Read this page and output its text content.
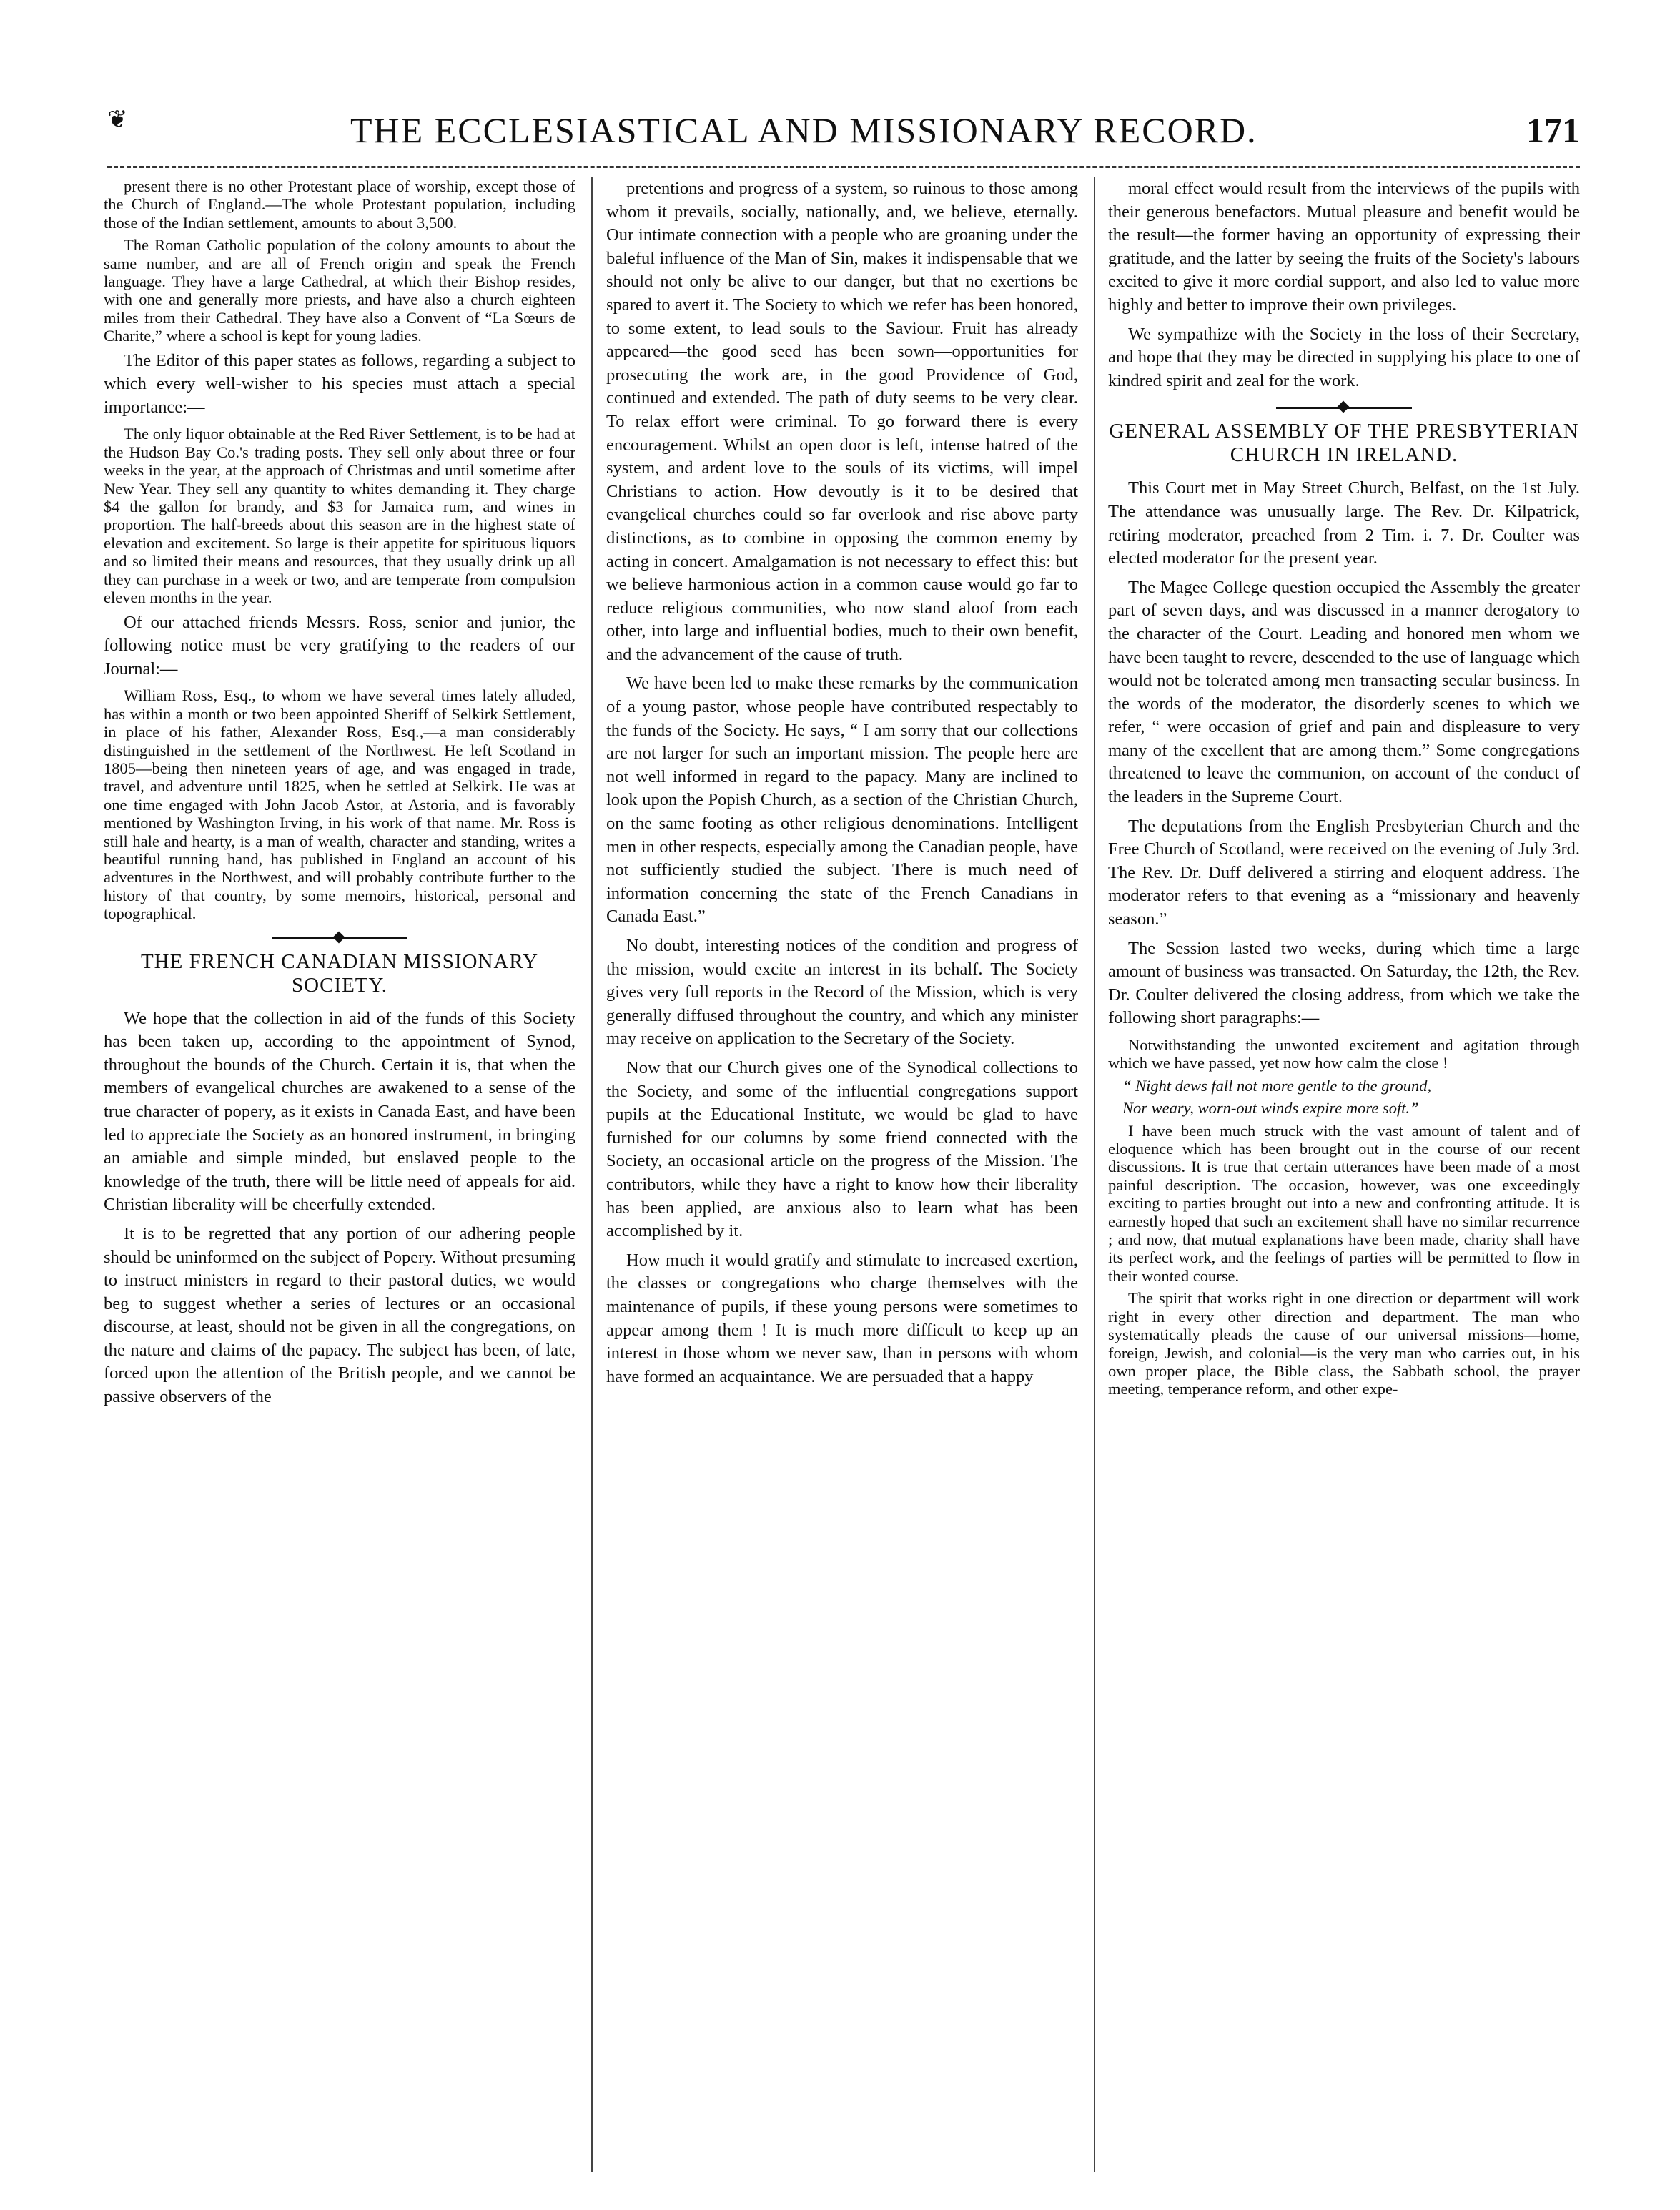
❦	THE ECCLESIASTICAL AND MISSIONARY RECORD.	171

present there is no other Protestant place of worship, except those of the Church of England.—The whole Protestant population, including those of the Indian settlement, amounts to about 3,500.

The Roman Catholic population of the colony amounts to about the same number, and are all of French origin and speak the French language. They have a large Cathedral, at which their Bishop resides, with one and generally more priests, and have also a church eighteen miles from their Cathedral. They have also a Convent of “La Sœurs de Charite,” where a school is kept for young ladies.

The Editor of this paper states as follows, regarding a subject to which every well-wisher to his species must attach a special importance:—

The only liquor obtainable at the Red River Settlement, is to be had at the Hudson Bay Co.'s trading posts. They sell only about three or four weeks in the year, at the approach of Christmas and until sometime after New Year. They sell any quantity to whites demanding it. They charge $4 the gallon for brandy, and $3 for Jamaica rum, and wines in proportion. The half-breeds about this season are in the highest state of elevation and excitement. So large is their appetite for spirituous liquors and so limited their means and resources, that they usually drink up all they can purchase in a week or two, and are temperate from compulsion eleven months in the year.

Of our attached friends Messrs. Ross, senior and junior, the following notice must be very gratifying to the readers of our Journal:—

William Ross, Esq., to whom we have several times lately alluded, has within a month or two been appointed Sheriff of Selkirk Settlement, in place of his father, Alexander Ross, Esq.,—a man considerably distinguished in the settlement of the Northwest. He left Scotland in 1805—being then nineteen years of age, and was engaged in trade, travel, and adventure until 1825, when he settled at Selkirk. He was at one time engaged with John Jacob Astor, at Astoria, and is favorably mentioned by Washington Irving, in his work of that name. Mr. Ross is still hale and hearty, is a man of wealth, character and standing, writes a beautiful running hand, has published in England an account of his adventures in the Northwest, and will probably contribute further to the history of that country, by some memoirs, historical, personal and topographical.

THE FRENCH CANADIAN MISSIONARY SOCIETY.

We hope that the collection in aid of the funds of this Society has been taken up, according to the appointment of Synod, throughout the bounds of the Church. Certain it is, that when the members of evangelical churches are awakened to a sense of the true character of popery, as it exists in Canada East, and have been led to appreciate the Society as an honored instrument, in bringing an amiable and simple minded, but enslaved people to the knowledge of the truth, there will be little need of appeals for aid. Christian liberality will be cheerfully extended.

It is to be regretted that any portion of our adhering people should be uninformed on the subject of Popery. Without presuming to instruct ministers in regard to their pastoral duties, we would beg to suggest whether a series of lectures or an occasional discourse, at least, should not be given in all the congregations, on the nature and claims of the papacy. The subject has been, of late, forced upon the attention of the British people, and we cannot be passive observers of the

pretentions and progress of a system, so ruinous to those among whom it prevails, socially, nationally, and, we believe, eternally. Our intimate connection with a people who are groaning under the baleful influence of the Man of Sin, makes it indispensable that we should not only be alive to our danger, but that no exertions be spared to avert it. The Society to which we refer has been honored, to some extent, to lead souls to the Saviour. Fruit has already appeared—the good seed has been sown—opportunities for prosecuting the work are, in the good Providence of God, continued and extended. The path of duty seems to be very clear. To relax effort were criminal. To go forward there is every encouragement. Whilst an open door is left, intense hatred of the system, and ardent love to the souls of its victims, will impel Christians to action. How devoutly is it to be desired that evangelical churches could so far overlook and rise above party distinctions, as to combine in opposing the common enemy by acting in concert. Amalgamation is not necessary to effect this: but we believe harmonious action in a common cause would go far to reduce religious communities, who now stand aloof from each other, into large and influential bodies, much to their own benefit, and the advancement of the cause of truth.

We have been led to make these remarks by the communication of a young pastor, whose people have contributed respectably to the funds of the Society. He says, “ I am sorry that our collections are not larger for such an important mission. The people here are not well informed in regard to the papacy. Many are inclined to look upon the Popish Church, as a section of the Christian Church, on the same footing as other religious denominations. Intelligent men in other respects, especially among the Canadian people, have not sufficiently studied the subject. There is much need of information concerning the state of the French Canadians in Canada East.”

No doubt, interesting notices of the condition and progress of the mission, would excite an interest in its behalf. The Society gives very full reports in the Record of the Mission, which is very generally diffused throughout the country, and which any minister may receive on application to the Secretary of the Society.

Now that our Church gives one of the Synodical collections to the Society, and some of the influential congregations support pupils at the Educational Institute, we would be glad to have furnished for our columns by some friend connected with the Society, an occasional article on the progress of the Mission. The contributors, while they have a right to know how their liberality has been applied, are anxious also to learn what has been accomplished by it.

How much it would gratify and stimulate to increased exertion, the classes or congregations who charge themselves with the maintenance of pupils, if these young persons were sometimes to appear among them ! It is much more difficult to keep up an interest in those whom we never saw, than in persons with whom have formed an acquaintance. We are persuaded that a happy

moral effect would result from the interviews of the pupils with their generous benefactors. Mutual pleasure and benefit would be the result—the former having an opportunity of expressing their gratitude, and the latter by seeing the fruits of the Society's labours excited to give it more cordial support, and also led to value more highly and better to improve their own privileges.

We sympathize with the Society in the loss of their Secretary, and hope that they may be directed in supplying his place to one of kindred spirit and zeal for the work.

GENERAL ASSEMBLY OF THE PRESBYTERIAN CHURCH IN IRELAND.

This Court met in May Street Church, Belfast, on the 1st July. The attendance was unusually large. The Rev. Dr. Kilpatrick, retiring moderator, preached from 2 Tim. i. 7. Dr. Coulter was elected moderator for the present year.

The Magee College question occupied the Assembly the greater part of seven days, and was discussed in a manner derogatory to the character of the Court. Leading and honored men whom we have been taught to revere, descended to the use of language which would not be tolerated among men transacting secular business. In the words of the moderator, the disorderly scenes to which we refer, “ were occasion of grief and pain and displeasure to very many of the excellent that are among them.” Some congregations threatened to leave the communion, on account of the conduct of the leaders in the Supreme Court.

The deputations from the English Presbyterian Church and the Free Church of Scotland, were received on the evening of July 3rd. The Rev. Dr. Duff delivered a stirring and eloquent address. The moderator refers to that evening as a “missionary and heavenly season.”

The Session lasted two weeks, during which time a large amount of business was transacted. On Saturday, the 12th, the Rev. Dr. Coulter delivered the closing address, from which we take the following short paragraphs:—

Notwithstanding the unwonted excitement and agitation through which we have passed, yet now how calm the close !

“ Night dews fall not more gentle to the ground,

Nor weary, worn-out winds expire more soft.”

I have been much struck with the vast amount of talent and of eloquence which has been brought out in the course of our recent discussions. It is true that certain utterances have been made of a most painful description. The occasion, however, was one exceedingly exciting to parties brought out into a new and confronting attitude. It is earnestly hoped that such an excitement shall have no similar recurrence ; and now, that mutual explanations have been made, charity shall have its perfect work, and the feelings of parties will be permitted to flow in their wonted course.

The spirit that works right in one direction or department will work right in every other direction and department. The man who systematically pleads the cause of our universal missions—home, foreign, Jewish, and colonial—is the very man who carries out, in his own proper place, the Bible class, the Sabbath school, the prayer meeting, temperance reform, and other expe-
